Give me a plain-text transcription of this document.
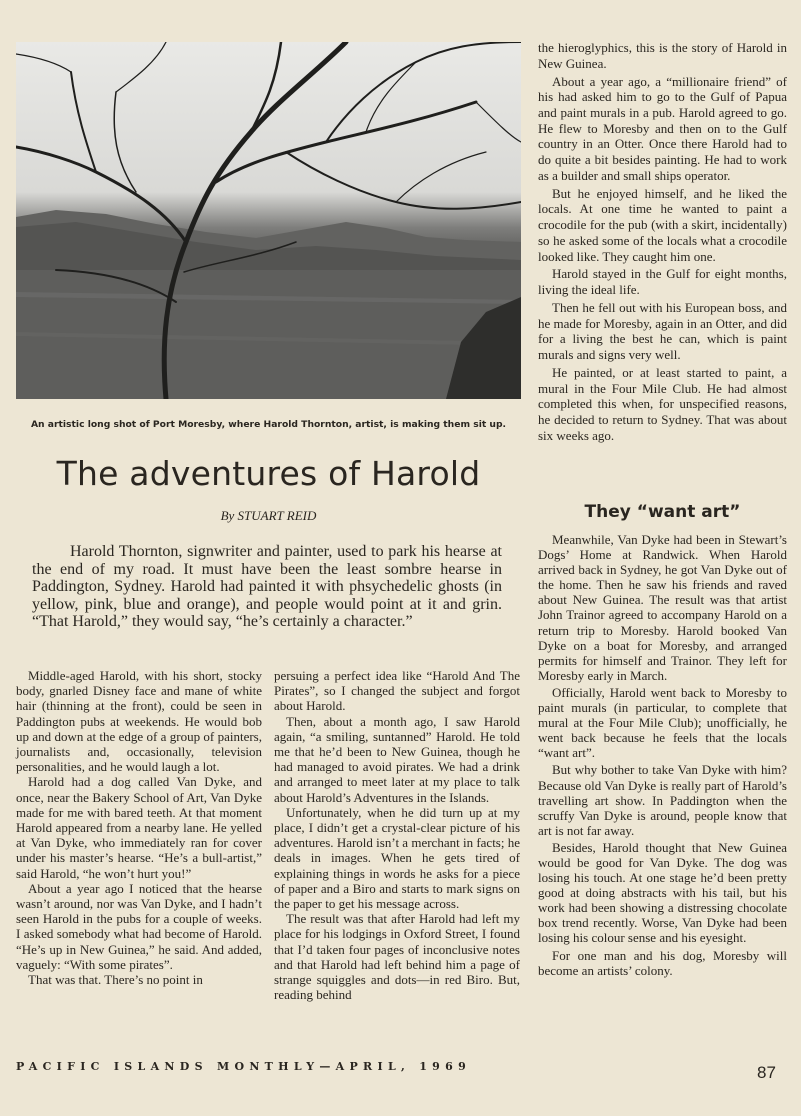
An artistic long shot of Port Moresby, where Harold Thornton, artist, is making them sit up.
The adventures of Harold
By STUART REID
Harold Thornton, signwriter and painter, used to park his hearse at the end of my road. It must have been the least sombre hearse in Paddington, Sydney. Harold had painted it with phsychedelic ghosts (in yellow, pink, blue and orange), and people would point at it and grin. “That Harold,” they would say, “he’s certainly a character.”

Middle-aged Harold, with his short, stocky body, gnarled Disney face and mane of white hair (thinning at the front), could be seen in Paddington pubs at weekends. He would bob up and down at the edge of a group of painters, journalists and, occasionally, television personalities, and he would laugh a lot.

Harold had a dog called Van Dyke, and once, near the Bakery School of Art, Van Dyke made for me with bared teeth. At that moment Harold appeared from a nearby lane. He yelled at Van Dyke, who immediately ran for cover under his master’s hearse. “He’s a bull-artist,” said Harold, “he won’t hurt you!”

About a year ago I noticed that the hearse wasn’t around, nor was Van Dyke, and I hadn’t seen Harold in the pubs for a couple of weeks. I asked somebody what had become of Harold. “He’s up in New Guinea,” he said. And added, vaguely: “With some pirates”.

That was that. There’s no point in

persuing a perfect idea like “Harold And The Pirates”, so I changed the subject and forgot about Harold.

Then, about a month ago, I saw Harold again, “a smiling, suntanned” Harold. He told me that he’d been to New Guinea, though he had managed to avoid pirates. We had a drink and arranged to meet later at my place to talk about Harold’s Adventures in the Islands.

Unfortunately, when he did turn up at my place, I didn’t get a crystal-clear picture of his adventures. Harold isn’t a merchant in facts; he deals in images. When he gets tired of explaining things in words he asks for a piece of paper and a Biro and starts to mark signs on the paper to get his message across.

The result was that after Harold had left my place for his lodgings in Oxford Street, I found that I’d taken four pages of inconclusive notes and that Harold had left behind him a page of strange squiggles and dots—in red Biro. But, reading behind

the hieroglyphics, this is the story of Harold in New Guinea.

About a year ago, a “millionaire friend” of his had asked him to go to the Gulf of Papua and paint murals in a pub. Harold agreed to go. He flew to Moresby and then on to the Gulf country in an Otter. Once there Harold had to do quite a bit besides painting. He had to work as a builder and small ships operator.

But he enjoyed himself, and he liked the locals. At one time he wanted to paint a crocodile for the pub (with a skirt, incidentally) so he asked some of the locals what a crocodile looked like. They caught him one.

Harold stayed in the Gulf for eight months, living the ideal life.

Then he fell out with his European boss, and he made for Moresby, again in an Otter, and did for a living the best he can, which is paint murals and signs very well.

He painted, or at least started to paint, a mural in the Four Mile Club. He had almost completed this when, for unspecified reasons, he decided to return to Sydney. That was about six weeks ago.

They “want art”

Meanwhile, Van Dyke had been in Stewart’s Dogs’ Home at Randwick. When Harold arrived back in Sydney, he got Van Dyke out of the home. Then he saw his friends and raved about New Guinea. The result was that artist John Trainor agreed to accompany Harold on a return trip to Moresby. Harold booked Van Dyke on a boat for Moresby, and arranged permits for himself and Trainor. They left for Moresby early in March.

Officially, Harold went back to Moresby to paint murals (in particular, to complete that mural at the Four Mile Club); unofficially, he went back because he feels that the locals “want art”.

But why bother to take Van Dyke with him? Because old Van Dyke is really part of Harold’s travelling art show. In Paddington when the scruffy Van Dyke is around, people know that art is not far away.

Besides, Harold thought that New Guinea would be good for Van Dyke. The dog was losing his touch. At one stage he’d been pretty good at doing abstracts with his tail, but his work had been showing a distressing chocolate box trend recently. Worse, Van Dyke had been losing his colour sense and his eyesight.

For one man and his dog, Moresby will become an artists’ colony.

PACIFIC ISLANDS MONTHLY—APRIL, 1969	87
